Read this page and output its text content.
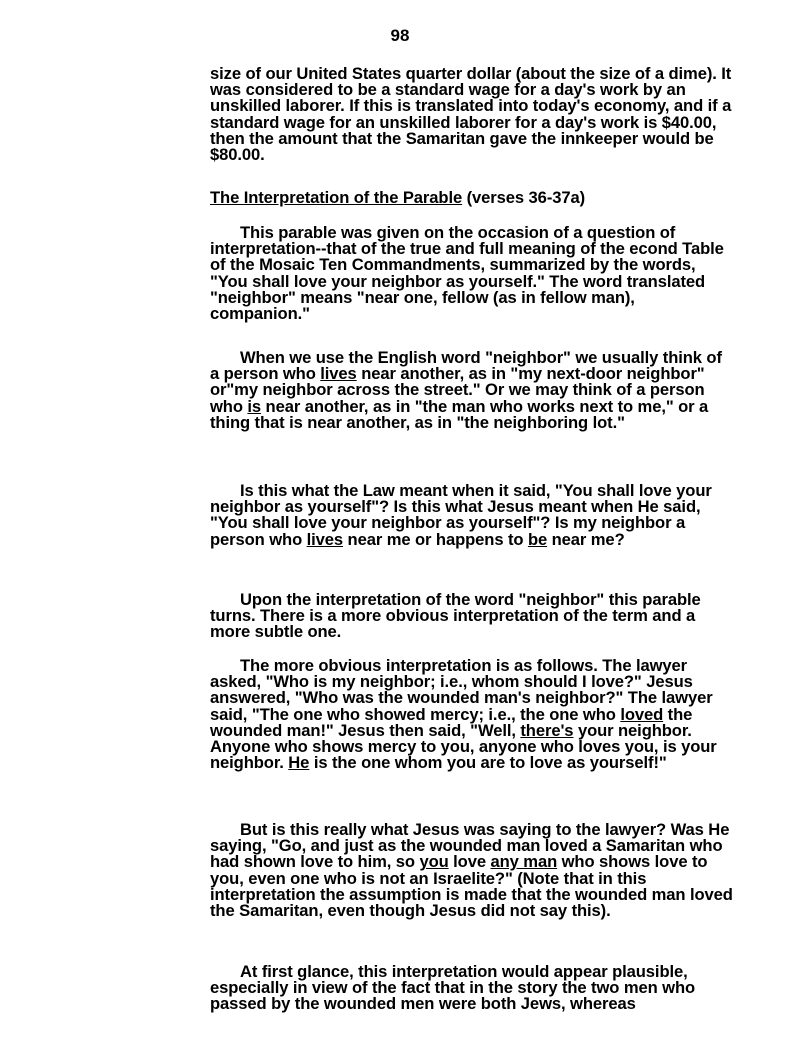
98

size of our United States quarter dollar (about the size of a dime). It was considered to be a standard wage for a day's work by an unskilled laborer. If this is translated into today's economy, and if a standard wage for an unskilled laborer for a day's work is $40.00, then the amount that the Samaritan gave the innkeeper would be $80.00.

The Interpretation of the Parable (verses 36-37a)

This parable was given on the occasion of a question of interpretation--that of the true and full meaning of the econd Table of the Mosaic Ten Commandments, summarized by the words, "You shall love your neighbor as yourself." The word translated "neighbor" means "near one, fellow (as in fellow man), companion."

When we use the English word "neighbor" we usually think of a person who lives near another, as in "my next-door neighbor" or"my neighbor across the street." Or we may think of a person who is near another, as in "the man who works next to me," or a thing that is near another, as in "the neighboring lot."

Is this what the Law meant when it said, "You shall love your neighbor as yourself"? Is this what Jesus meant when He said, "You shall love your neighbor as yourself"? Is my neighbor a person who lives near me or happens to be near me?

Upon the interpretation of the word "neighbor" this parable turns. There is a more obvious interpretation of the term and a more subtle one.

The more obvious interpretation is as follows. The lawyer asked, "Who is my neighbor; i.e., whom should I love?" Jesus answered, "Who was the wounded man's neighbor?" The lawyer said, "The one who showed mercy; i.e., the one who loved the wounded man!" Jesus then said, "Well, there's your neighbor. Anyone who shows mercy to you, anyone who loves you, is your neighbor. He is the one whom you are to love as yourself!"

But is this really what Jesus was saying to the lawyer? Was He saying, "Go, and just as the wounded man loved a Samaritan who had shown love to him, so you love any man who shows love to you, even one who is not an Israelite?" (Note that in this interpretation the assumption is made that the wounded man loved the Samaritan, even though Jesus did not say this).

At first glance, this interpretation would appear plausible, especially in view of the fact that in the story the two men who passed by the wounded men were both Jews, whereas
